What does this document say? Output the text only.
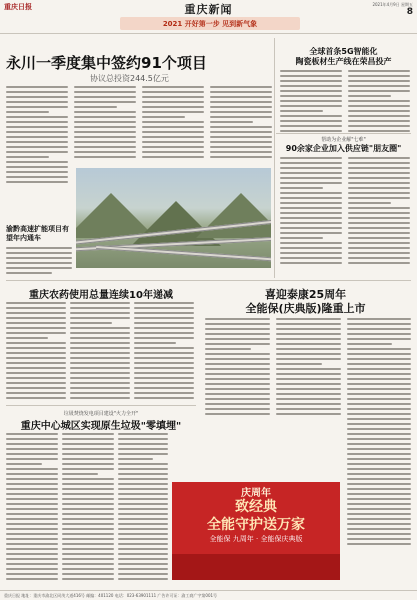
重庆日报	重庆新闻	2021年4月9日 星期五
8
2021 开好第一步 见到新气象
永川一季度集中签约91个项目
协议总投资244.5亿元
全球首条5G智能化
陶瓷板材生产线在荣昌投产
帮助为企业解"七难"
90余家企业加入供应链"朋友圈"
渝黔高速扩能项目有望年内通车
重庆农药使用总量连续10年递减	喜迎泰康25周年
全能保(庆典版)隆重上市
垃圾焚烧发电项目建设"火力全开"
重庆中心城区实现原生垃圾"零填埋"
庆周年
致经典
全能守护送万家
全能保 九周年 · 全能保庆典版
重庆日报 地址：重庆市渝北区同茂大道416号 邮编：401120 电话：023-63901111 广告许可证：渝工商广字第001号
